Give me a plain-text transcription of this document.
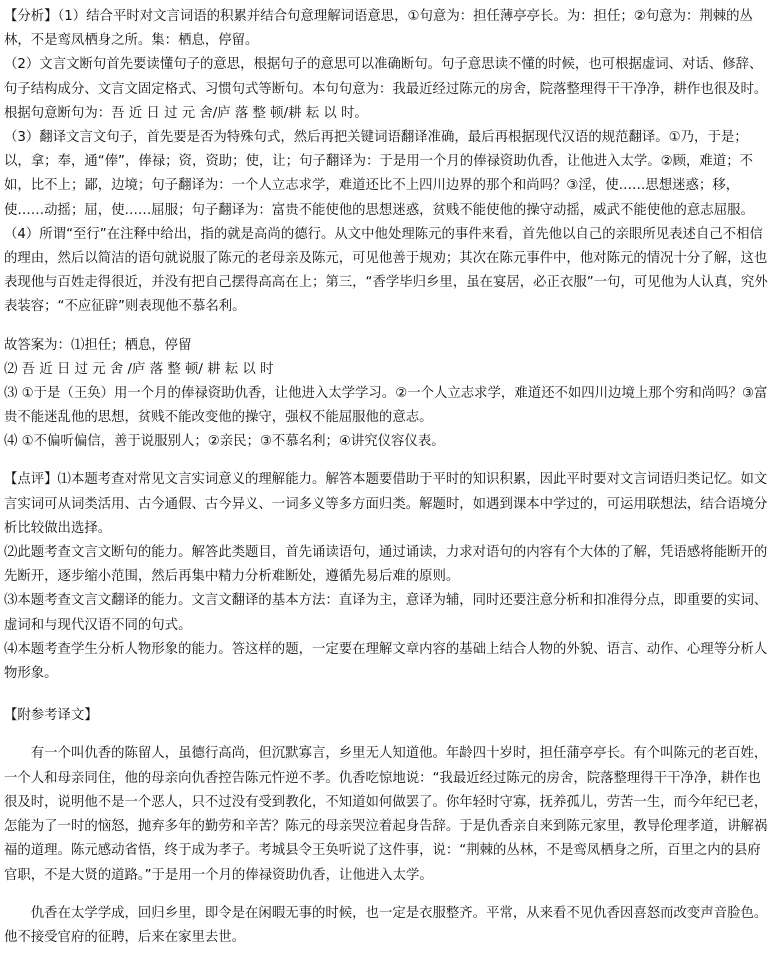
【分析】（1）结合平时对文言词语的积累并结合句意理解词语意思，①句意为：担任薄亭亭长。为：担任；②句意为：荆棘的丛林，不是鸾凤栖身之所。集：栖息，停留。

（2）文言文断句首先要读懂句子的意思，根据句子的意思可以准确断句。句子意思读不懂的时候，也可根据虚词、对话、修辞、句子结构成分、文言文固定格式、习惯句式等断句。本句句意为：我最近经过陈元的房舍，院落整理得干干净净，耕作也很及时。根据句意断句为：吾 近 日 过 元 舍/庐 落 整 顿/耕 耘 以 时。

（3）翻译文言文句子，首先要是否为特殊句式，然后再把关键词语翻译准确，最后再根据现代汉语的规范翻译。①乃，于是；以，拿；奉，通“俸”，俸禄；资，资助；使，让；句子翻译为：于是用一个月的俸禄资助仇香，让他进入太学。②顾，难道；不如，比不上；鄙，边境；句子翻译为：一个人立志求学，难道还比不上四川边界的那个和尚吗？③淫，使……思想迷惑；移，使……动摇；屈，使……屈服；句子翻译为：富贵不能使他的思想迷惑，贫贱不能使他的操守动摇，威武不能使他的意志屈服。

（4）所谓“至行”在注释中给出，指的就是高尚的德行。从文中他处理陈元的事件来看，首先他以自己的亲眼所见表述自己不相信的理由，然后以简洁的语句就说服了陈元的老母亲及陈元，可见他善于规劝；其次在陈元事件中，他对陈元的情况十分了解，这也表现他与百姓走得很近，并没有把自己摆得高高在上；第三，“香学毕归乡里，虽在宴居，必正衣服”一句，可见他为人认真，究外表装容；“不应征辟”则表现他不慕名利。

故答案为：⑴担任；栖息，停留

⑵ 吾 近 日 过 元 舍 /庐 落 整 顿/ 耕 耘 以 时

⑶ ①于是（王奂）用一个月的俸禄资助仇香，让他进入太学学习。②一个人立志求学，难道还不如四川边境上那个穷和尚吗？③富贵不能迷乱他的思想，贫贱不能改变他的操守，强权不能屈服他的意志。

⑷ ①不偏听偏信，善于说服别人；②亲民；③不慕名利；④讲究仪容仪表。

【点评】⑴本题考查对常见文言实词意义的理解能力。解答本题要借助于平时的知识积累，因此平时要对文言词语归类记忆。如文言实词可从词类活用、古今通假、古今异义、一词多义等多方面归类。解题时，如遇到课本中学过的，可运用联想法，结合语境分析比较做出选择。

⑵此题考查文言文断句的能力。解答此类题目，首先诵读语句，通过诵读，力求对语句的内容有个大体的了解，凭语感将能断开的先断开，逐步缩小范围，然后再集中精力分析难断处，遵循先易后难的原则。

⑶本题考查文言文翻译的能力。文言文翻译的基本方法：直译为主，意译为辅，同时还要注意分析和扣准得分点，即重要的实词、虚词和与现代汉语不同的句式。

⑷本题考查学生分析人物形象的能力。答这样的题，一定要在理解文章内容的基础上结合人物的外貌、语言、动作、心理等分析人物形象。

【附参考译文】

有一个叫仇香的陈留人，虽德行高尚，但沉默寡言，乡里无人知道他。年龄四十岁时，担任蒲亭亭长。有个叫陈元的老百姓，一个人和母亲同住，他的母亲向仇香控告陈元忤逆不孝。仇香吃惊地说：“我最近经过陈元的房舍，院落整理得干干净净，耕作也很及时，说明他不是一个恶人，只不过没有受到教化，不知道如何做罢了。你年轻时守寡，抚养孤儿，劳苦一生，而今年纪已老，怎能为了一时的恼怒，抛弃多年的勤劳和辛苦？陈元的母亲哭泣着起身告辞。于是仇香亲自来到陈元家里，教导伦理孝道，讲解祸福的道理。陈元感动省悟，终于成为孝子。考城县令王奂听说了这件事，说：“荆棘的丛林，不是鸾凤栖身之所，百里之内的县府官职，不是大贤的道路。”于是用一个月的俸禄资助仇香，让他进入太学。

仇香在太学学成，回归乡里，即令是在闲暇无事的时候，也一定是衣服整齐。平常，从来看不见仇香因喜怒而改变声音脸色。他不接受官府的征聘，后来在家里去世。
